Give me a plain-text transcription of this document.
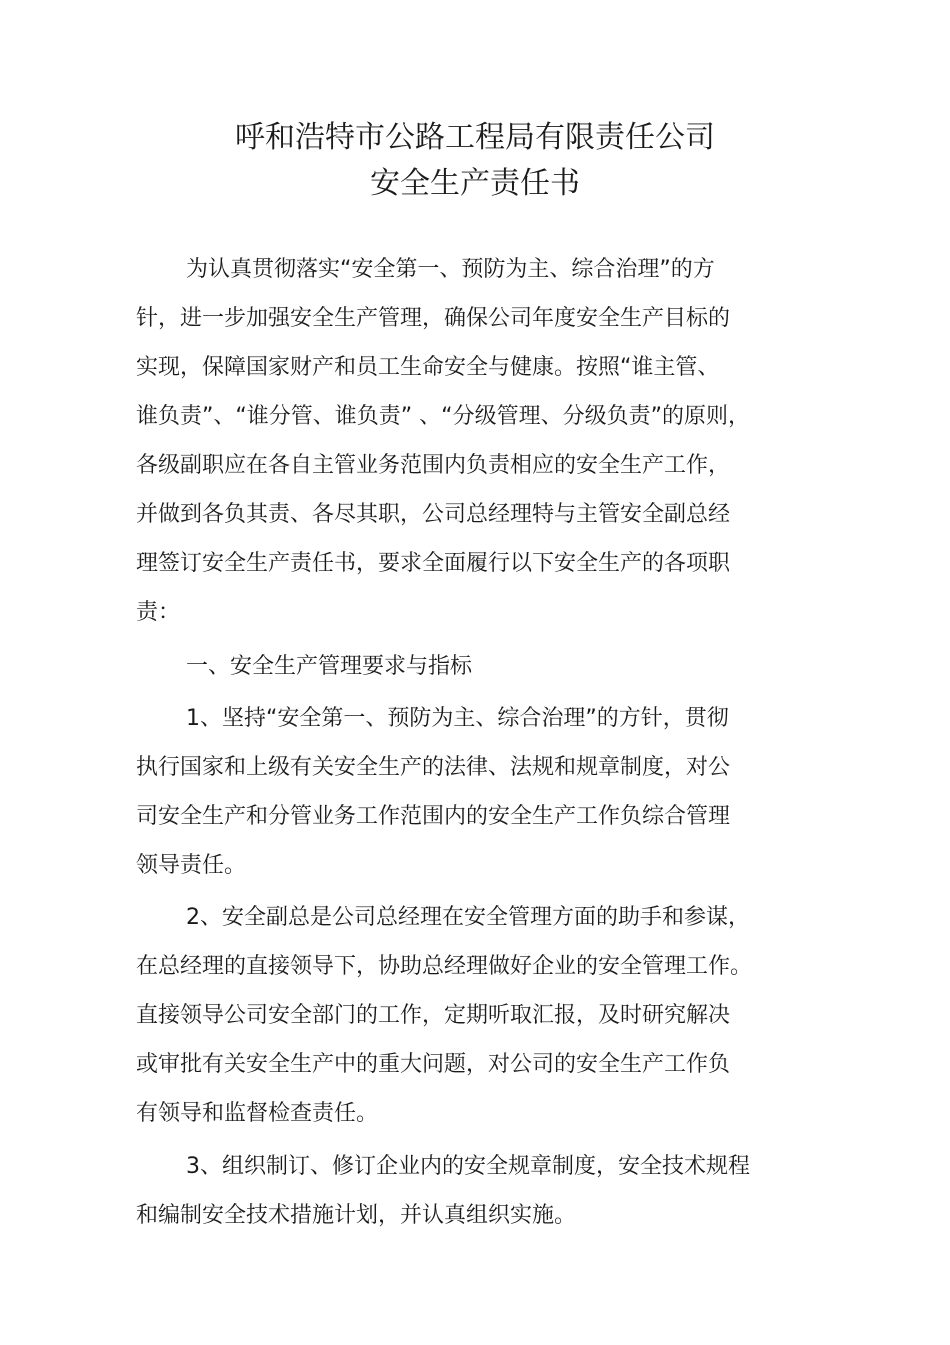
呼和浩特市公路工程局有限责任公司
安全生产责任书
为认真贯彻落实“安全第一、预防为主、综合治理”的方
针，进一步加强安全生产管理，确保公司年度安全生产目标的
实现，保障国家财产和员工生命安全与健康。按照“谁主管、
谁负责”、“谁分管、谁负责” 、“分级管理、分级负责”的原则，
各级副职应在各自主管业务范围内负责相应的安全生产工作，
并做到各负其责、各尽其职，公司总经理特与主管安全副总经
理签订安全生产责任书，要求全面履行以下安全生产的各项职
责：
一、安全生产管理要求与指标
1、坚持“安全第一、预防为主、综合治理”的方针，贯彻
执行国家和上级有关安全生产的法律、法规和规章制度，对公
司安全生产和分管业务工作范围内的安全生产工作负综合管理
领导责任。
2、安全副总是公司总经理在安全管理方面的助手和参谋，
在总经理的直接领导下，协助总经理做好企业的安全管理工作。
直接领导公司安全部门的工作，定期听取汇报，及时研究解决
或审批有关安全生产中的重大问题，对公司的安全生产工作负
有领导和监督检查责任。
3、组织制订、修订企业内的安全规章制度，安全技术规程
和编制安全技术措施计划，并认真组织实施。
